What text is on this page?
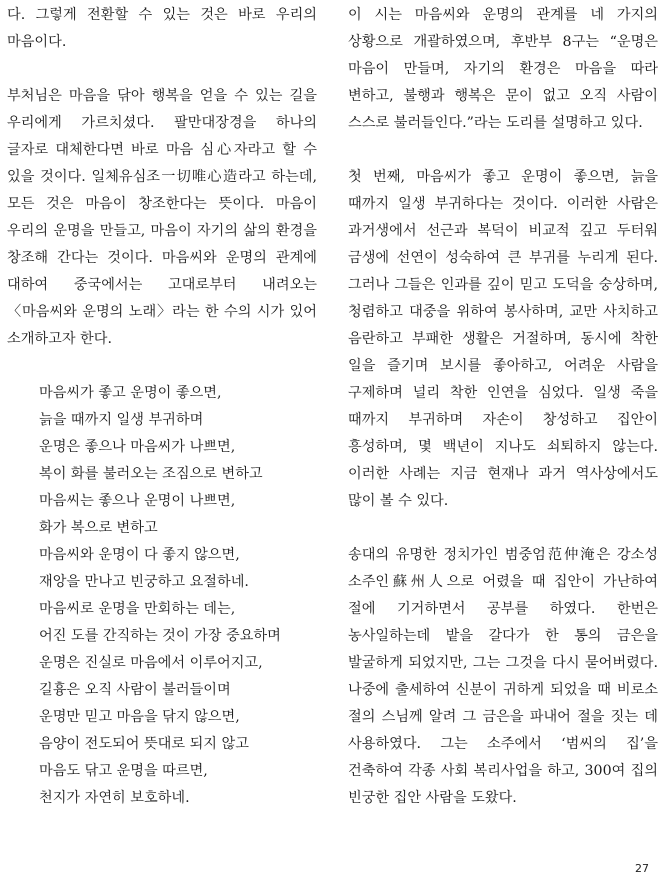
다. 그렇게 전환할 수 있는 것은 바로 우리의 마음이다.

부처님은 마음을 닦아 행복을 얻을 수 있는 길을 우리에게 가르치셨다. 팔만대장경을 하나의 글자로 대체한다면 바로 마음 심心자라고 할 수 있을 것이다. 일체유심조一切唯心造라고 하는데, 모든 것은 마음이 창조한다는 뜻이다. 마음이 우리의 운명을 만들고, 마음이 자기의 삶의 환경을 창조해 간다는 것이다. 마음씨와 운명의 관계에 대하여 중국에서는 고대로부터 내려오는 〈마음씨와 운명의 노래〉라는 한 수의 시가 있어 소개하고자 한다.

마음씨가 좋고 운명이 좋으면,
늙을 때까지 일생 부귀하며
운명은 좋으나 마음씨가 나쁘면,
복이 화를 불러오는 조짐으로 변하고
마음씨는 좋으나 운명이 나쁘면,
화가 복으로 변하고
마음씨와 운명이 다 좋지 않으면,
재앙을 만나고 빈궁하고 요절하네.
마음씨로 운명을 만회하는 데는,
어진 도를 간직하는 것이 가장 중요하며
운명은 진실로 마음에서 이루어지고,
길흉은 오직 사람이 불러들이며
운명만 믿고 마음을 닦지 않으면,
음양이 전도되어 뜻대로 되지 않고
마음도 닦고 운명을 따르면,
천지가 자연히 보호하네.

이 시는 마음씨와 운명의 관계를 네 가지의 상황으로 개괄하였으며, 후반부 8구는 “운명은 마음이 만들며, 자기의 환경은 마음을 따라 변하고, 불행과 행복은 문이 없고 오직 사람이 스스로 불러들인다.”라는 도리를 설명하고 있다.

첫 번째, 마음씨가 좋고 운명이 좋으면, 늙을 때까지 일생 부귀하다는 것이다. 이러한 사람은 과거생에서 선근과 복덕이 비교적 깊고 두터워 금생에 선연이 성숙하여 큰 부귀를 누리게 된다. 그러나 그들은 인과를 깊이 믿고 도덕을 숭상하며, 청렴하고 대중을 위하여 봉사하며, 교만 사치하고 음란하고 부패한 생활은 거절하며, 동시에 착한 일을 즐기며 보시를 좋아하고, 어려운 사람을 구제하며 널리 착한 인연을 심었다. 일생 죽을 때까지 부귀하며 자손이 창성하고 집안이 흥성하며, 몇 백년이 지나도 쇠퇴하지 않는다. 이러한 사례는 지금 현재나 과거 역사상에서도 많이 볼 수 있다.

송대의 유명한 정치가인 범중엄范仲淹은 강소성 소주인蘇州人으로 어렸을 때 집안이 가난하여 절에 기거하면서 공부를 하였다. 한번은 농사일하는데 밭을 갈다가 한 통의 금은을 발굴하게 되었지만, 그는 그것을 다시 묻어버렸다. 나중에 출세하여 신분이 귀하게 되었을 때 비로소 절의 스님께 알려 그 금은을 파내어 절을 짓는 데 사용하였다. 그는 소주에서 ‘범씨의 집’을 건축하여 각종 사회 복리사업을 하고, 300여 집의 빈궁한 집안 사람을 도왔다.

27
